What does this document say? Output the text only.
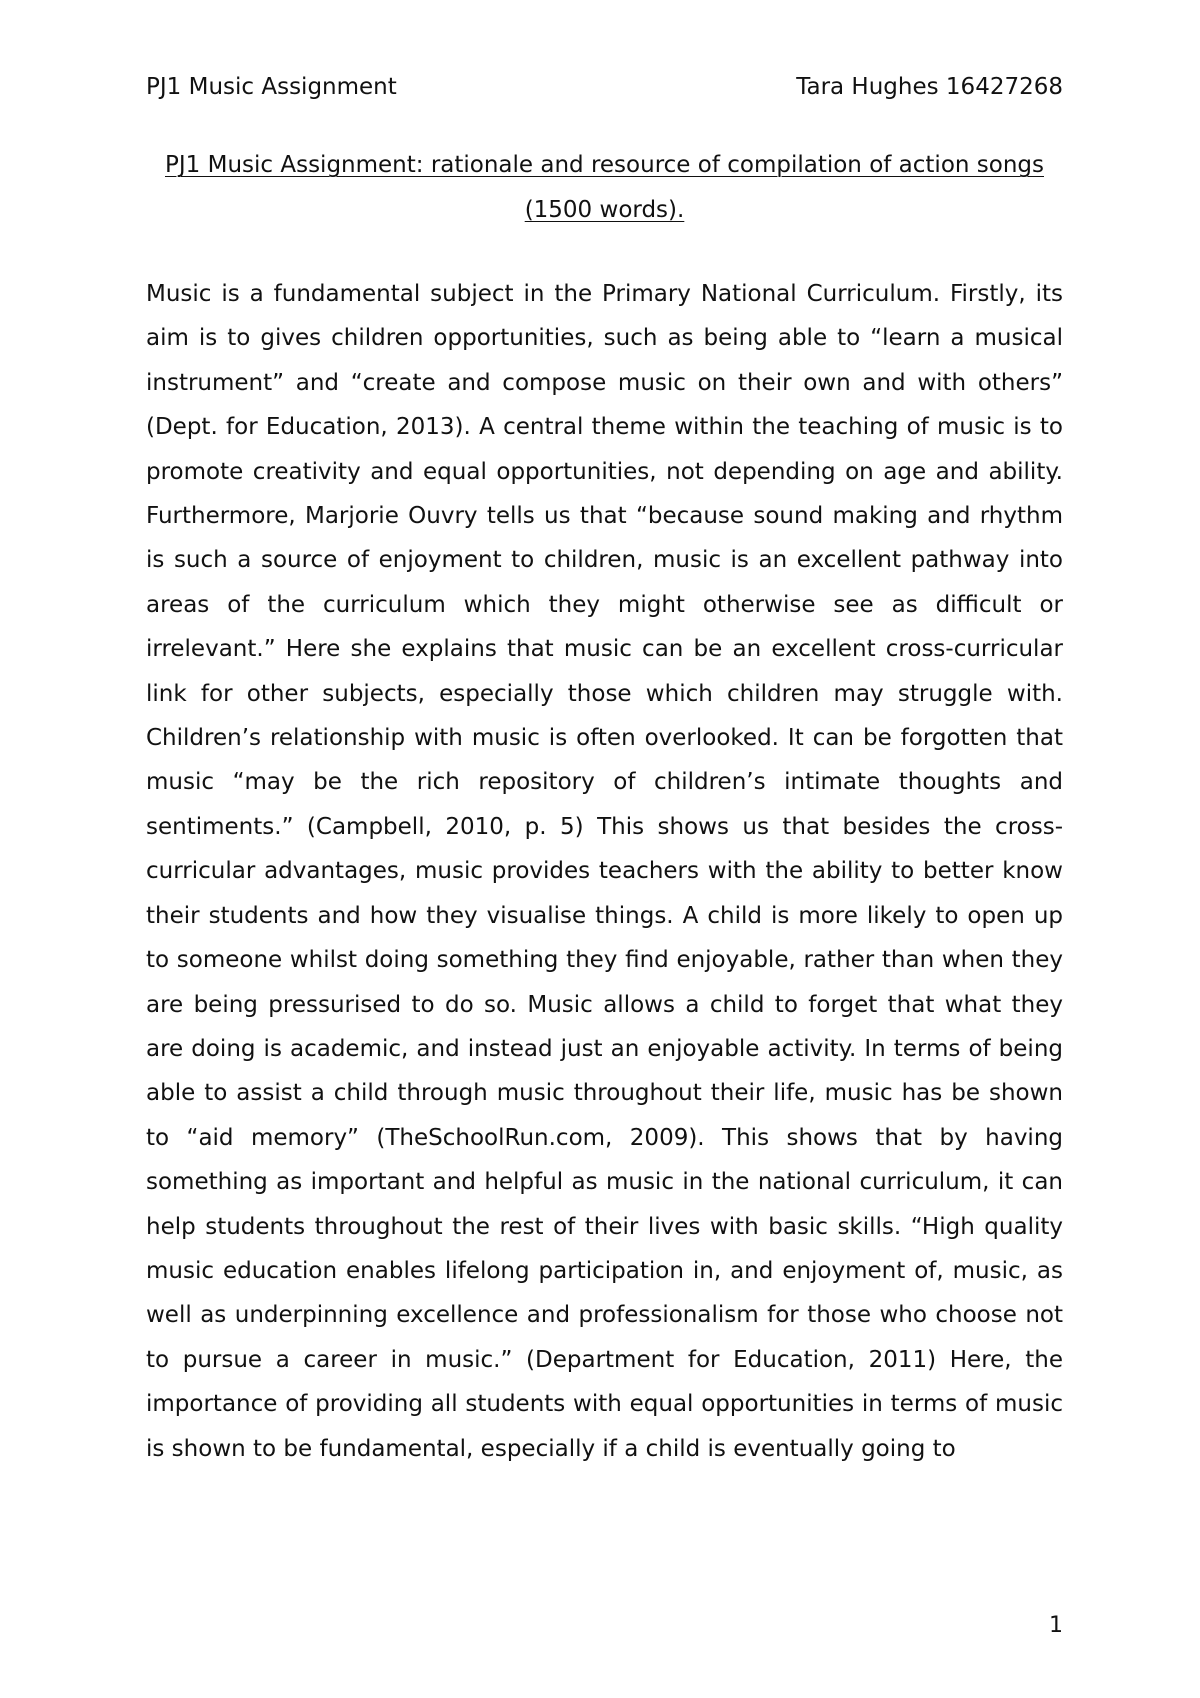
PJ1 Music Assignment	Tara Hughes 16427268
PJ1 Music Assignment: rationale and resource of compilation of action songs (1500 words).

Music is a fundamental subject in the Primary National Curriculum. Firstly, its aim is to gives children opportunities, such as being able to “learn a musical instrument” and “create and compose music on their own and with others” (Dept. for Education, 2013). A central theme within the teaching of music is to promote creativity and equal opportunities, not depending on age and ability. Furthermore, Marjorie Ouvry tells us that “because sound making and rhythm is such a source of enjoyment to children, music is an excellent pathway into areas of the curriculum which they might otherwise see as difficult or irrelevant.” Here she explains that music can be an excellent cross-curricular link for other subjects, especially those which children may struggle with. Children’s relationship with music is often overlooked. It can be forgotten that music “may be the rich repository of children’s intimate thoughts and sentiments.” (Campbell, 2010, p. 5) This shows us that besides the cross-curricular advantages, music provides teachers with the ability to better know their students and how they visualise things. A child is more likely to open up to someone whilst doing something they find enjoyable, rather than when they are being pressurised to do so. Music allows a child to forget that what they are doing is academic, and instead just an enjoyable activity. In terms of being able to assist a child through music throughout their life, music has be shown to “aid memory” (TheSchoolRun.com, 2009). This shows that by having something as important and helpful as music in the national curriculum, it can help students throughout the rest of their lives with basic skills. “High quality music education enables lifelong participation in, and enjoyment of, music, as well as underpinning excellence and professionalism for those who choose not to pursue a career in music.” (Department for Education, 2011) Here, the importance of providing all students with equal opportunities in terms of music is shown to be fundamental, especially if a child is eventually going to

1
